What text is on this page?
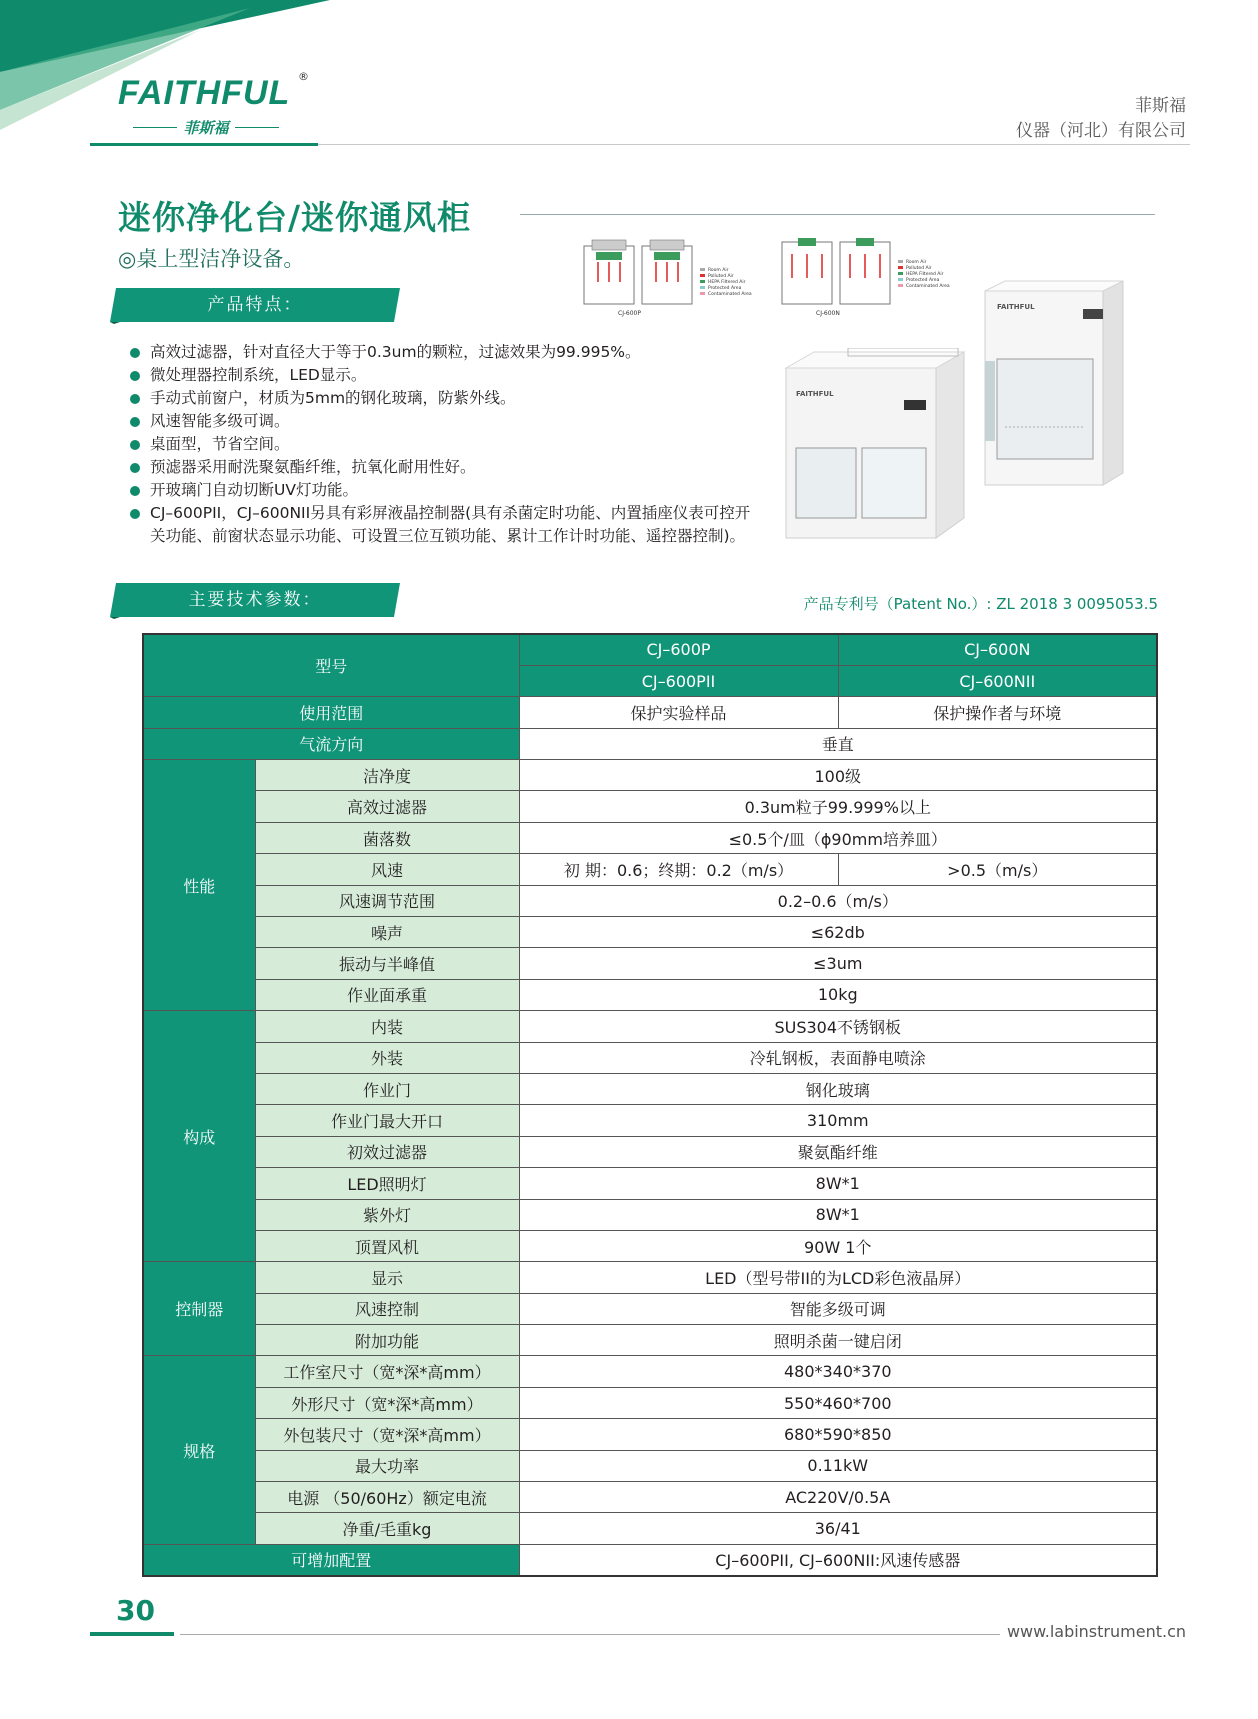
FAITHFUL ®
菲斯福
菲斯福
仪器（河北）有限公司
迷你净化台/迷你通风柜
◎桌上型洁净设备。
产品特点：
高效过滤器，针对直径大于等于0.3um的颗粒，过滤效果为99.995%。
微处理器控制系统，LED显示。
手动式前窗户，材质为5mm的钢化玻璃，防紫外线。
风速智能多级可调。
桌面型，节省空间。
预滤器采用耐洗聚氨酯纤维，抗氧化耐用性好。
开玻璃门自动切断UV灯功能。
CJ–600PII，CJ–600NII另具有彩屏液晶控制器(具有杀菌定时功能、内置插座仪表可控开关功能、前窗状态显示功能、可设置三位互锁功能、累计工作计时功能、遥控器控制)。
CJ-600P
Room Air
Polluted Air
HEPA Filtered Air
Protected Area
Contaminated Area
CJ-600N
Room Air
Polluted Air
HEPA Filtered Air
Protected Area
Contaminated Area
FAITHFUL
FAITHFUL
主要技术参数：	产品专利号（Patent No.）: ZL 2018 3 0095053.5
型号		CJ–600P	CJ–600N
		CJ–600PII	CJ–600NII
使用范围		保护实验样品	保护操作者与环境
气流方向		垂直	
性能	洁净度	100级	
	高效过滤器	0.3um粒子99.999%以上	
	菌落数	≤0.5个/皿（ϕ90mm培养皿）	
	风速	初 期：0.6；终期：0.2（m/s）	>0.5（m/s）
	风速调节范围	0.2–0.6（m/s）	
	噪声	≤62db	
	振动与半峰值	≤3um	
	作业面承重	10kg	
构成	内装	SUS304不锈钢板	
	外装	冷轧钢板，表面静电喷涂	
	作业门	钢化玻璃	
	作业门最大开口	310mm	
	初效过滤器	聚氨酯纤维	
	LED照明灯	8W*1	
	紫外灯	8W*1	
	顶置风机	90W 1个	
控制器	显示	LED（型号带II的为LCD彩色液晶屏）	
	风速控制	智能多级可调	
	附加功能	照明杀菌一键启闭	
规格	工作室尺寸（宽*深*高mm）	480*340*370	
	外形尺寸（宽*深*高mm）	550*460*700	
	外包装尺寸（宽*深*高mm）	680*590*850	
	最大功率	0.11kW	
	电源 （50/60Hz）额定电流	AC220V/0.5A	
	净重/毛重kg	36/41	
可增加配置		CJ–600PII, CJ–600NII:风速传感器	
30
www.labinstrument.cn
